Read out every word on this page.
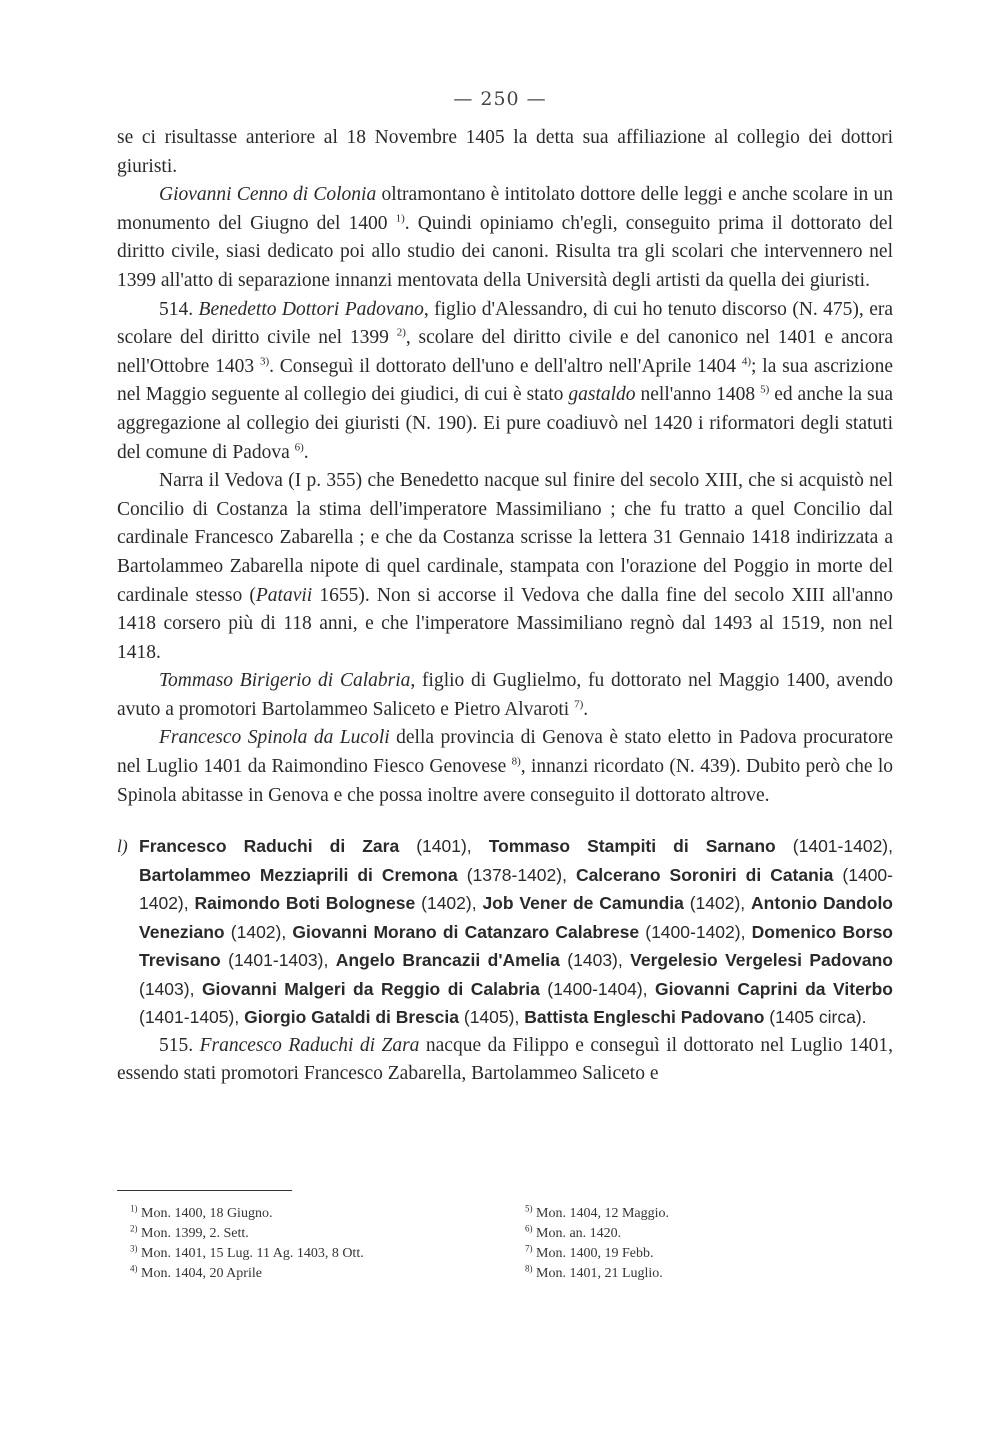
— 250 —

se ci risultasse anteriore al 18 Novembre 1405 la detta sua affiliazione al collegio dei dottori giuristi.

Giovanni Cenno di Colonia oltramontano è intitolato dottore delle leggi e anche scolare in un monumento del Giugno del 1400 $^{1)}$. Quindi opiniamo ch'egli, conseguito prima il dottorato del diritto civile, siasi dedicato poi allo studio dei canoni. Risulta tra gli scolari che intervennero nel 1399 all'atto di separazione innanzi mentovata della Università degli artisti da quella dei giuristi.

514. Benedetto Dottori Padovano, figlio d'Alessandro, di cui ho tenuto discorso (N. 475), era scolare del diritto civile nel 1399 $^{2)}$, scolare del diritto civile e del canonico nel 1401 e ancora nell'Ottobre 1403 $^{3)}$. Conseguì il dottorato dell'uno e dell'altro nell'Aprile 1404 $^{4)}$; la sua ascrizione nel Maggio seguente al collegio dei giudici, di cui è stato gastaldo nell'anno 1408 $^{5)}$ ed anche la sua aggregazione al collegio dei giuristi (N. 190). Ei pure coadiuvò nel 1420 i riformatori degli statuti del comune di Padova $^{6)}$.

Narra il Vedova (I p. 355) che Benedetto nacque sul finire del secolo XIII, che si acquistò nel Concilio di Costanza la stima dell'imperatore Massimiliano ; che fu tratto a quel Concilio dal cardinale Francesco Zabarella ; e che da Costanza scrisse la lettera 31 Gennaio 1418 indirizzata a Bartolammeo Zabarella nipote di quel cardinale, stampata con l'orazione del Poggio in morte del cardinale stesso (Patavii 1655). Non si accorse il Vedova che dalla fine del secolo XIII all'anno 1418 corsero più di 118 anni, e che l'imperatore Massimiliano regnò dal 1493 al 1519, non nel 1418.

Tommaso Birigerio di Calabria, figlio di Guglielmo, fu dottorato nel Maggio 1400, avendo avuto a promotori Bartolammeo Saliceto e Pietro Alvaroti $^{7)}$.

Francesco Spinola da Lucoli della provincia di Genova è stato eletto in Padova procuratore nel Luglio 1401 da Raimondino Fiesco Genovese $^{8)}$, innanzi ricordato (N. 439). Dubito però che lo Spinola abitasse in Genova e che possa inoltre avere conseguito il dottorato altrove.

l) Francesco Raduchi di Zara (1401), Tommaso Stampiti di Sarnano (1401-1402), Bartolammeo Mezziaprili di Cremona (1378-1402), Calcerano Soroniri di Catania (1400-1402), Raimondo Boti Bolognese (1402), Job Vener de Camundia (1402), Antonio Dandolo Veneziano (1402), Giovanni Morano di Catanzaro Calabrese (1400-1402), Domenico Borso Trevisano (1401-1403), Angelo Brancazii d'Amelia (1403), Vergelesio Vergelesi Padovano (1403), Giovanni Malgeri da Reggio di Calabria (1400-1404), Giovanni Caprini da Viterbo (1401-1405), Giorgio Gataldi di Brescia (1405), Battista Engleschi Padovano (1405 circa).

515. Francesco Raduchi di Zara nacque da Filippo e conseguì il dottorato nel Luglio 1401, essendo stati promotori Francesco Zabarella, Bartolammeo Saliceto e

$^{1)}$ Mon. 1400, 18 Giugno.
$^{2)}$ Mon. 1399, 2. Sett.
$^{3)}$ Mon. 1401, 15 Lug. 11 Ag. 1403, 8 Ott.
$^{4)}$ Mon. 1404, 20 Aprile
$^{5)}$ Mon. 1404, 12 Maggio.
$^{6)}$ Mon. an. 1420.
$^{7)}$ Mon. 1400, 19 Febb.
$^{8)}$ Mon. 1401, 21 Luglio.
